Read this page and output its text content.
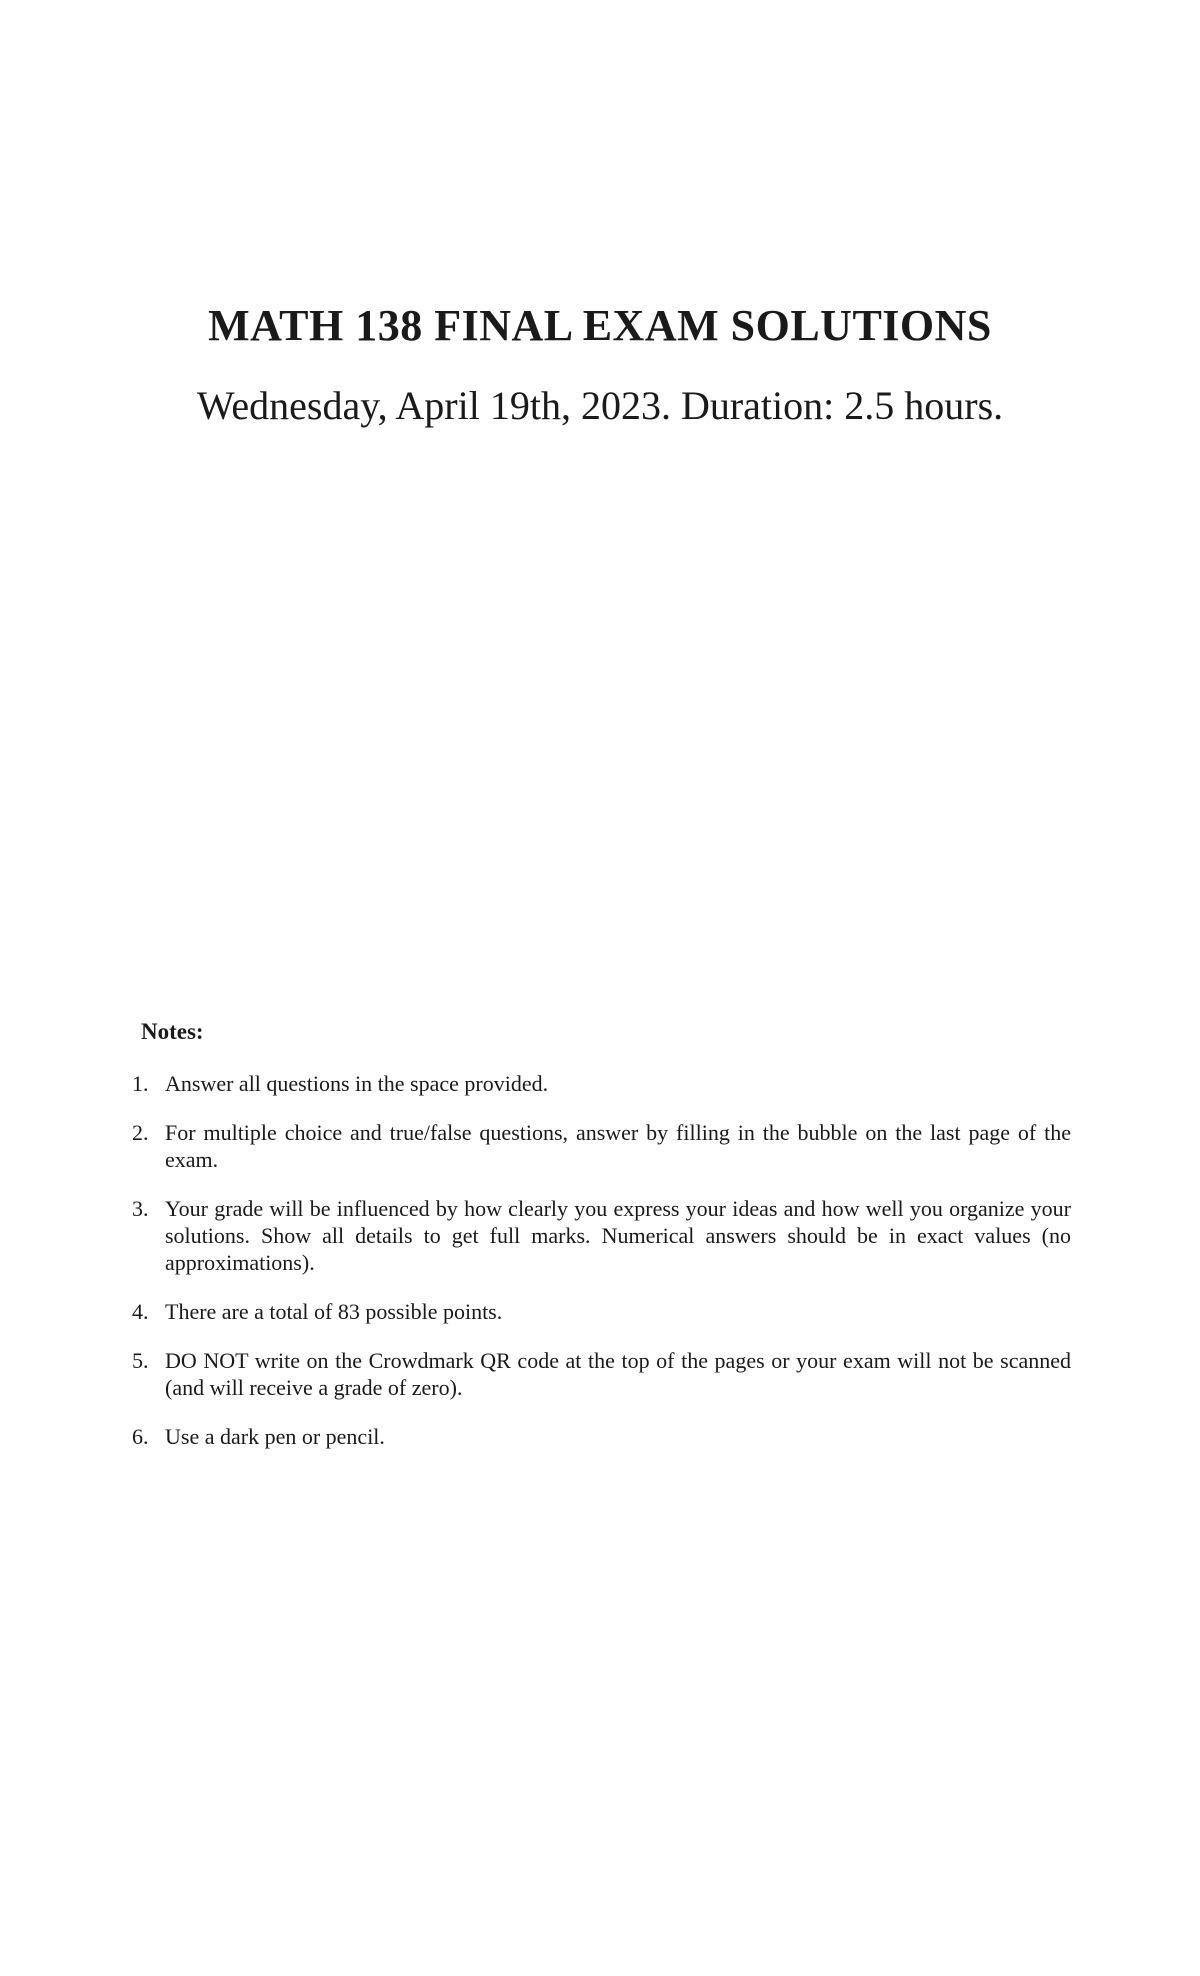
MATH 138 FINAL EXAM SOLUTIONS
Wednesday, April 19th, 2023. Duration: 2.5 hours.

Notes:

1. Answer all questions in the space provided.
2. For multiple choice and true/false questions, answer by filling in the bubble on the last page of the exam.
3. Your grade will be influenced by how clearly you express your ideas and how well you organize your solutions. Show all details to get full marks. Numerical answers should be in exact values (no approximations).
4. There are a total of 83 possible points.
5. DO NOT write on the Crowdmark QR code at the top of the pages or your exam will not be scanned (and will receive a grade of zero).
6. Use a dark pen or pencil.
